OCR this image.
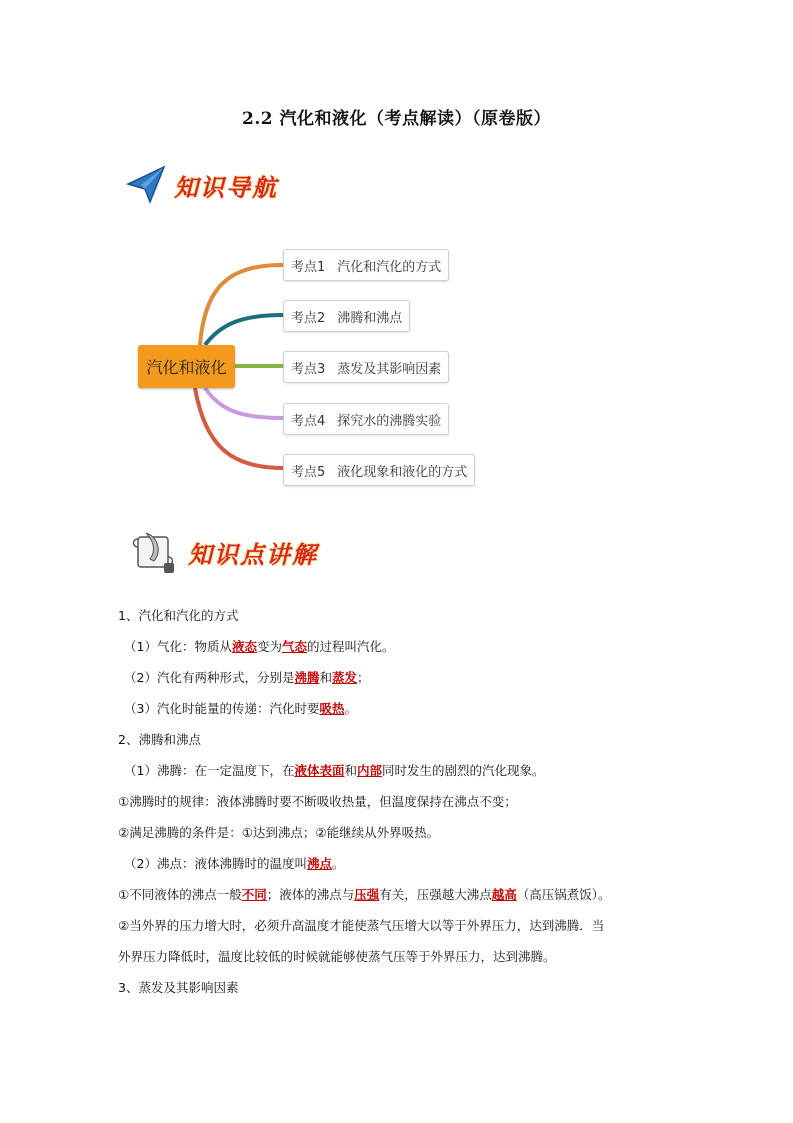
2.2 汽化和液化（考点解读）（原卷版）
知识导航
汽化和液化
考点1 汽化和汽化的方式
考点2 沸腾和沸点
考点3 蒸发及其影响因素
考点4 探究水的沸腾实验
考点5 液化现象和液化的方式
知识点讲解
1、汽化和汽化的方式
（1）气化：物质从液态变为气态的过程叫汽化。
（2）汽化有两种形式，分别是沸腾和蒸发；
（3）汽化时能量的传递：汽化时要吸热。
2、沸腾和沸点
（1）沸腾：在一定温度下，在液体表面和内部同时发生的剧烈的汽化现象。
①沸腾时的规律：液体沸腾时要不断吸收热量，但温度保持在沸点不变；
②满足沸腾的条件是：①达到沸点；②能继续从外界吸热。
（2）沸点：液体沸腾时的温度叫沸点。
①不同液体的沸点一般不同；液体的沸点与压强有关，压强越大沸点越高（高压锅煮饭）。
②当外界的压力增大时，必须升高温度才能使蒸气压增大以等于外界压力，达到沸腾．当
外界压力降低时，温度比较低的时候就能够使蒸气压等于外界压力，达到沸腾。
3、蒸发及其影响因素
